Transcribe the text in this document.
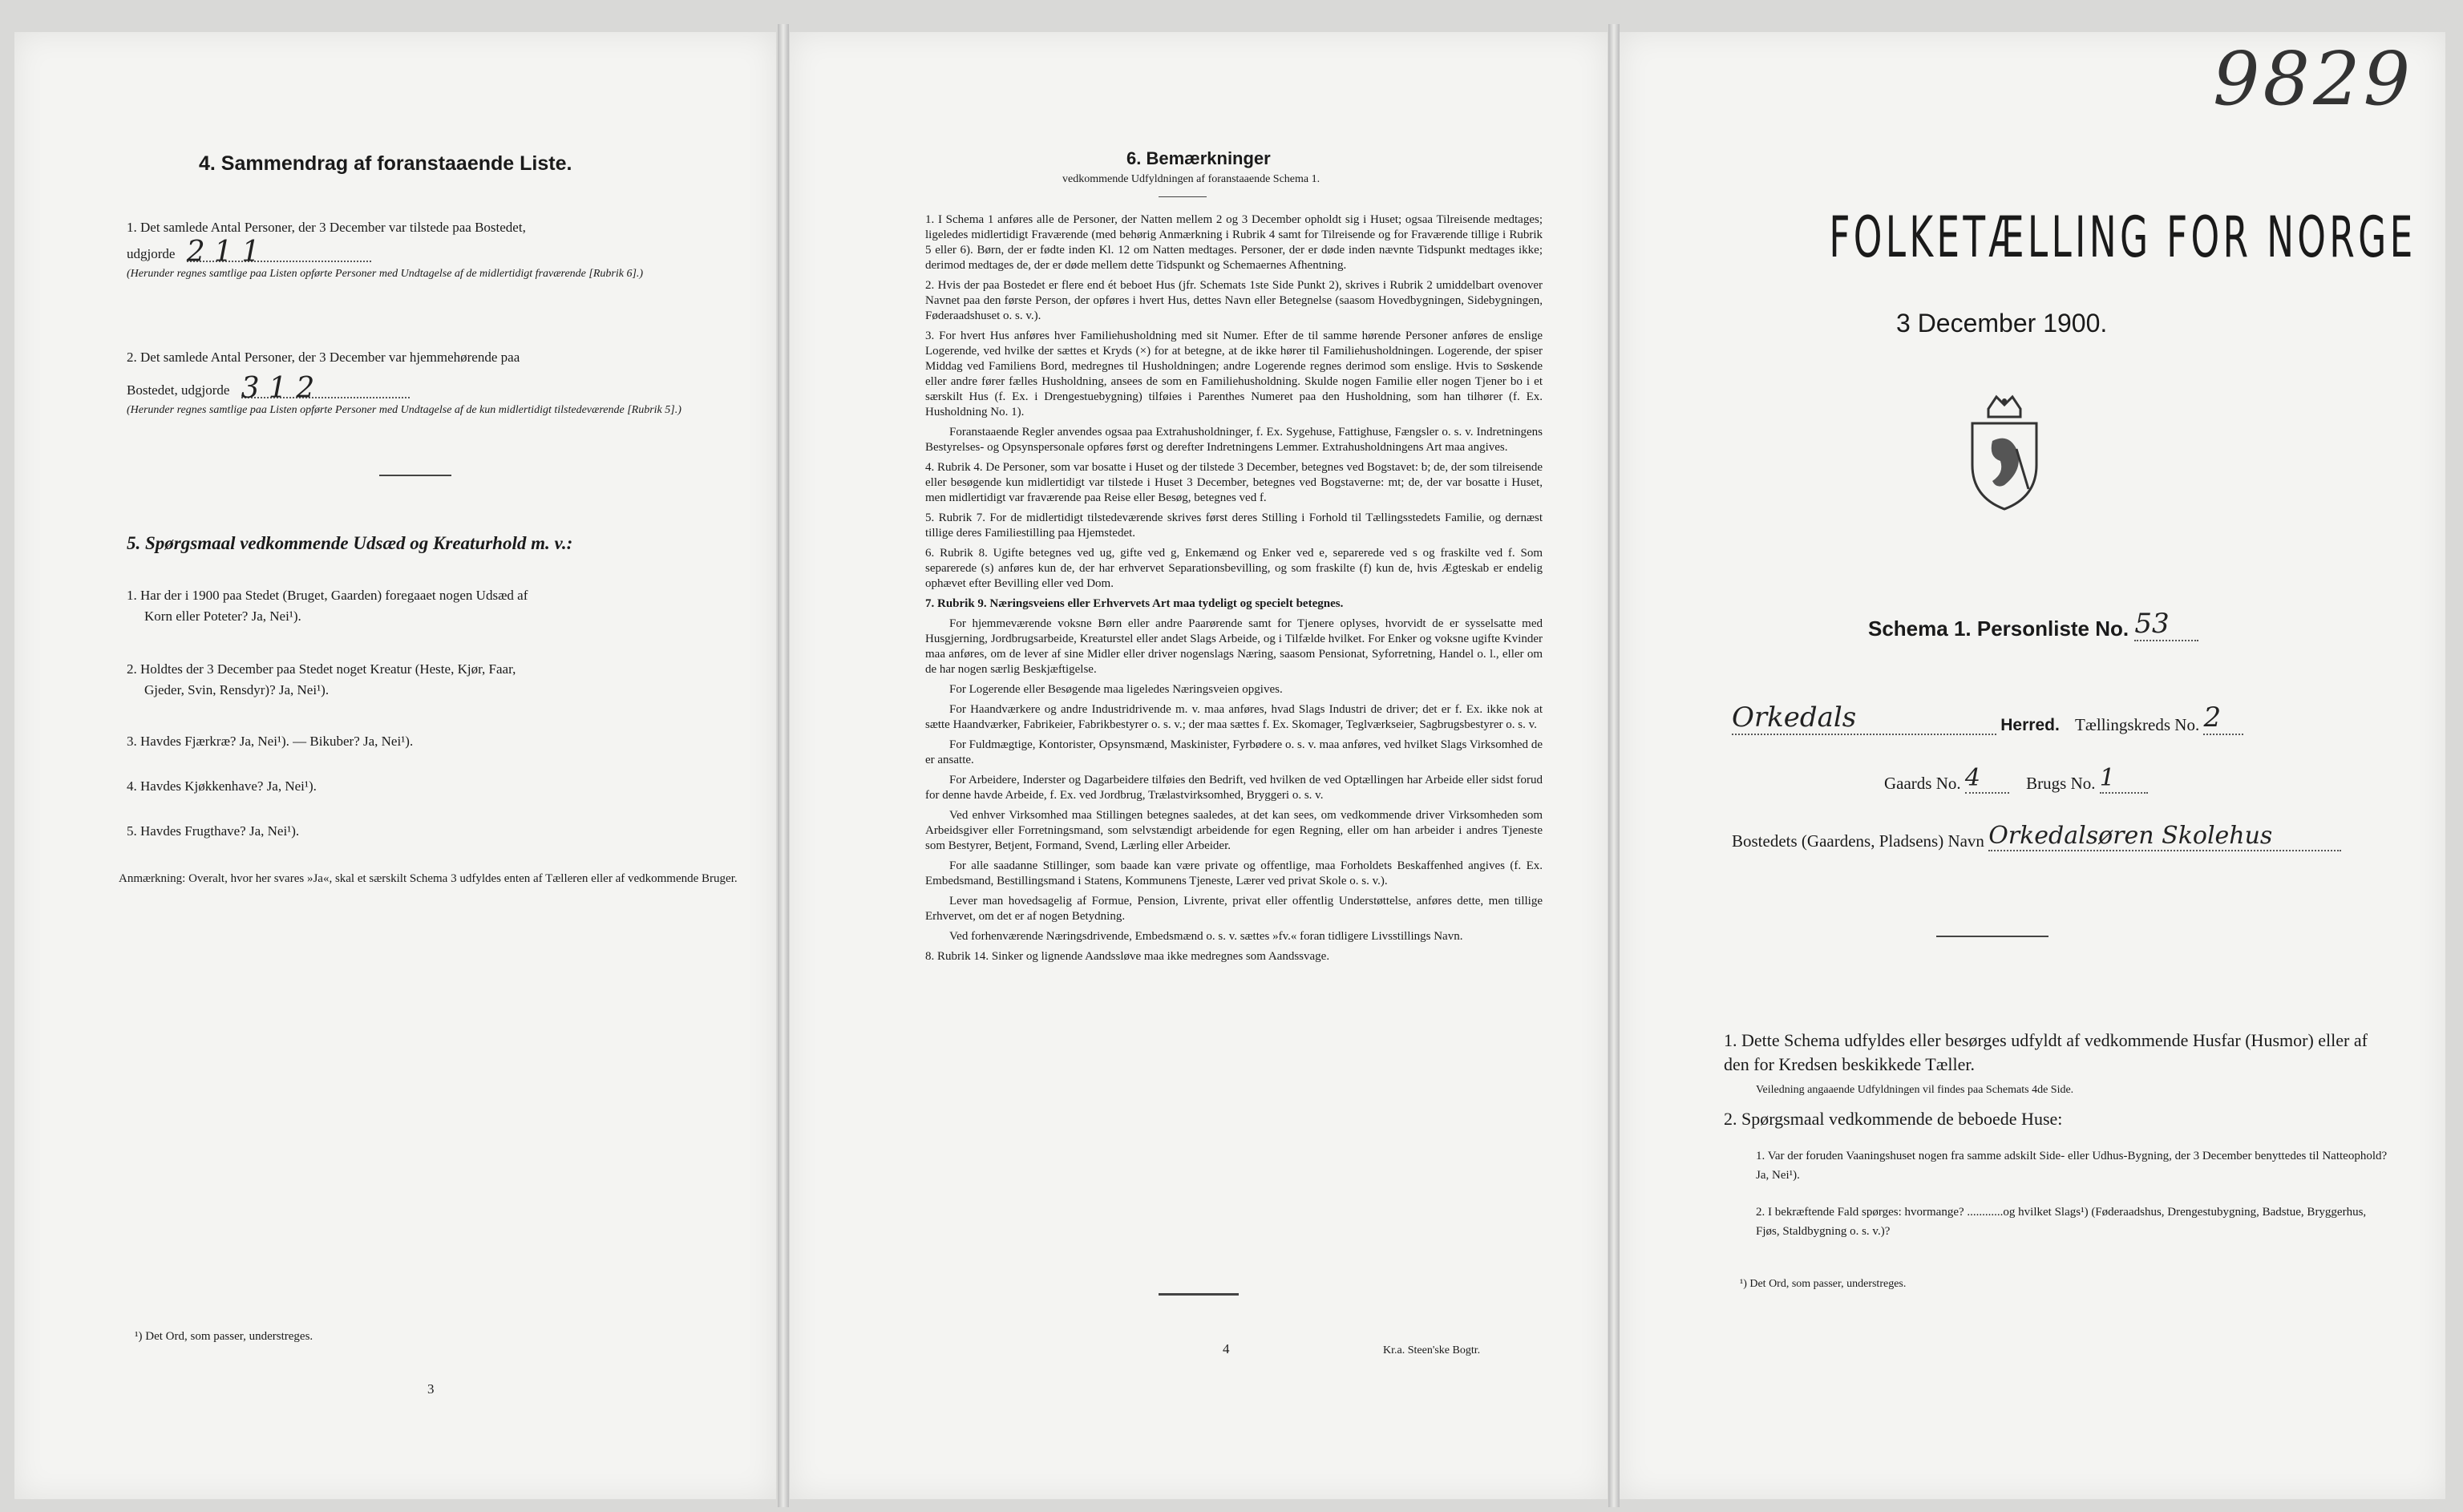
4. Sammendrag af foranstaaende Liste.
1. Det samlede Antal Personer, der 3 December var tilstede paa Bostedet,
udgjorde 2 1 1
(Herunder regnes samtlige paa Listen opførte Personer med Undtagelse af de midlertidigt fraværende [Rubrik 6].)
2. Det samlede Antal Personer, der 3 December var hjemmehørende paa
Bostedet, udgjorde 3 1 2
(Herunder regnes samtlige paa Listen opførte Personer med Undtagelse af de kun midlertidigt tilstedeværende [Rubrik 5].)
5. Spørgsmaal vedkommende Udsæd og Kreaturhold m. v.:
1. Har der i 1900 paa Stedet (Bruget, Gaarden) foregaaet nogen Udsæd af
Korn eller Poteter? Ja, Nei¹).
2. Holdtes der 3 December paa Stedet noget Kreatur (Heste, Kjør, Faar,
Gjeder, Svin, Rensdyr)? Ja, Nei¹).
3. Havdes Fjærkræ? Ja, Nei¹). — Bikuber? Ja, Nei¹).
4. Havdes Kjøkkenhave? Ja, Nei¹).
5. Havdes Frugthave? Ja, Nei¹).
Anmærkning: Overalt, hvor her svares »Ja«, skal et særskilt Schema 3 udfyldes enten af Tælleren eller af vedkommende Bruger.
¹) Det Ord, som passer, understreges.
3
6. Bemærkninger
vedkommende Udfyldningen af foranstaaende Schema 1.

1. I Schema 1 anføres alle de Personer, der Natten mellem 2 og 3 December opholdt sig i Huset; ogsaa Tilreisende medtages; ligeledes midlertidigt Fraværende (med behørig Anmærkning i Rubrik 4 samt for Tilreisende og for Fraværende tillige i Rubrik 5 eller 6). Børn, der er fødte inden Kl. 12 om Natten medtages. Personer, der er døde inden nævnte Tidspunkt medtages ikke; derimod medtages de, der er døde mellem dette Tidspunkt og Schemaernes Afhentning.

2. Hvis der paa Bostedet er flere end ét beboet Hus (jfr. Schemats 1ste Side Punkt 2), skrives i Rubrik 2 umiddelbart ovenover Navnet paa den første Person, der opføres i hvert Hus, dettes Navn eller Betegnelse (saasom Hovedbygningen, Sidebygningen, Føderaadshuset o. s. v.).

3. For hvert Hus anføres hver Familiehusholdning med sit Numer. Efter de til samme hørende Personer anføres de enslige Logerende, ved hvilke der sættes et Kryds (×) for at betegne, at de ikke hører til Familiehusholdningen. Logerende, der spiser Middag ved Familiens Bord, medregnes til Husholdningen; andre Logerende regnes derimod som enslige. Hvis to Søskende eller andre fører fælles Husholdning, ansees de som en Familiehusholdning. Skulde nogen Familie eller nogen Tjener bo i et særskilt Hus (f. Ex. i Drengestuebygning) tilføies i Parenthes Numeret paa den Husholdning, som han tilhører (f. Ex. Husholdning No. 1).

Foranstaaende Regler anvendes ogsaa paa Extrahusholdninger, f. Ex. Sygehuse, Fattighuse, Fængsler o. s. v. Indretningens Bestyrelses- og Opsynspersonale opføres først og derefter Indretningens Lemmer. Extrahusholdningens Art maa angives.

4. Rubrik 4. De Personer, som var bosatte i Huset og der tilstede 3 December, betegnes ved Bogstavet: b; de, der som tilreisende eller besøgende kun midlertidigt var tilstede i Huset 3 December, betegnes ved Bogstaverne: mt; de, der var bosatte i Huset, men midlertidigt var fraværende paa Reise eller Besøg, betegnes ved f.

5. Rubrik 7. For de midlertidigt tilstedeværende skrives først deres Stilling i Forhold til Tællingsstedets Familie, og dernæst tillige deres Familiestilling paa Hjemstedet.

6. Rubrik 8. Ugifte betegnes ved ug, gifte ved g, Enkemænd og Enker ved e, separerede ved s og fraskilte ved f. Som separerede (s) anføres kun de, der har erhvervet Separationsbevilling, og som fraskilte (f) kun de, hvis Ægteskab er endelig ophævet efter Bevilling eller ved Dom.

7. Rubrik 9. Næringsveiens eller Erhvervets Art maa tydeligt og specielt betegnes.

For hjemmeværende voksne Børn eller andre Paarørende samt for Tjenere oplyses, hvorvidt de er sysselsatte med Husgjerning, Jordbrugsarbeide, Kreaturstel eller andet Slags Arbeide, og i Tilfælde hvilket. For Enker og voksne ugifte Kvinder maa anføres, om de lever af sine Midler eller driver nogenslags Næring, saasom Pensionat, Syforretning, Handel o. l., eller om de har nogen særlig Beskjæftigelse.

For Logerende eller Besøgende maa ligeledes Næringsveien opgives.

For Haandværkere og andre Industridrivende m. v. maa anføres, hvad Slags Industri de driver; det er f. Ex. ikke nok at sætte Haandværker, Fabrikeier, Fabrikbestyrer o. s. v.; der maa sættes f. Ex. Skomager, Teglværkseier, Sagbrugsbestyrer o. s. v.

For Fuldmægtige, Kontorister, Opsynsmænd, Maskinister, Fyrbødere o. s. v. maa anføres, ved hvilket Slags Virksomhed de er ansatte.

For Arbeidere, Inderster og Dagarbeidere tilføies den Bedrift, ved hvilken de ved Optællingen har Arbeide eller sidst forud for denne havde Arbeide, f. Ex. ved Jordbrug, Trælastvirksomhed, Bryggeri o. s. v.

Ved enhver Virksomhed maa Stillingen betegnes saaledes, at det kan sees, om vedkommende driver Virksomheden som Arbeidsgiver eller Forretningsmand, som selvstændigt arbeidende for egen Regning, eller om han arbeider i andres Tjeneste som Bestyrer, Betjent, Formand, Svend, Lærling eller Arbeider.

For alle saadanne Stillinger, som baade kan være private og offentlige, maa Forholdets Beskaffenhed angives (f. Ex. Embedsmand, Bestillingsmand i Statens, Kommunens Tjeneste, Lærer ved privat Skole o. s. v.).

Lever man hovedsagelig af Formue, Pension, Livrente, privat eller offentlig Understøttelse, anføres dette, men tillige Erhvervet, om det er af nogen Betydning.

Ved forhenværende Næringsdrivende, Embedsmænd o. s. v. sættes »fv.« foran tidligere Livsstillings Navn.

8. Rubrik 14. Sinker og lignende Aandssløve maa ikke medregnes som Aandssvage.

4	Kr.a. Steen'ske Bogtr.
9829
FOLKETÆLLING FOR NORGE
3 December 1900.
Schema 1. Personliste No. 53
Orkedals	Herred. Tællingskreds No. 2
Gaards No. 4	Brugs No. 1
Bostedets (Gaardens, Pladsens) Navn Orkedalsøren Skolehus
1. Dette Schema udfyldes eller besørges udfyldt af vedkommende Husfar (Husmor) eller af den for Kredsen beskikkede Tæller.
Veiledning angaaende Udfyldningen vil findes paa Schemats 4de Side.
2. Spørgsmaal vedkommende de beboede Huse:
1. Var der foruden Vaaningshuset nogen fra samme adskilt Side- eller Udhus-Bygning, der 3 December benyttedes til Natteophold? Ja, Nei¹).
2. I bekræftende Fald spørges: hvormange? ............og hvilket Slags¹) (Føderaadshus, Drengestubygning, Badstue, Bryggerhus, Fjøs, Staldbygning o. s. v.)?
¹) Det Ord, som passer, understreges.
